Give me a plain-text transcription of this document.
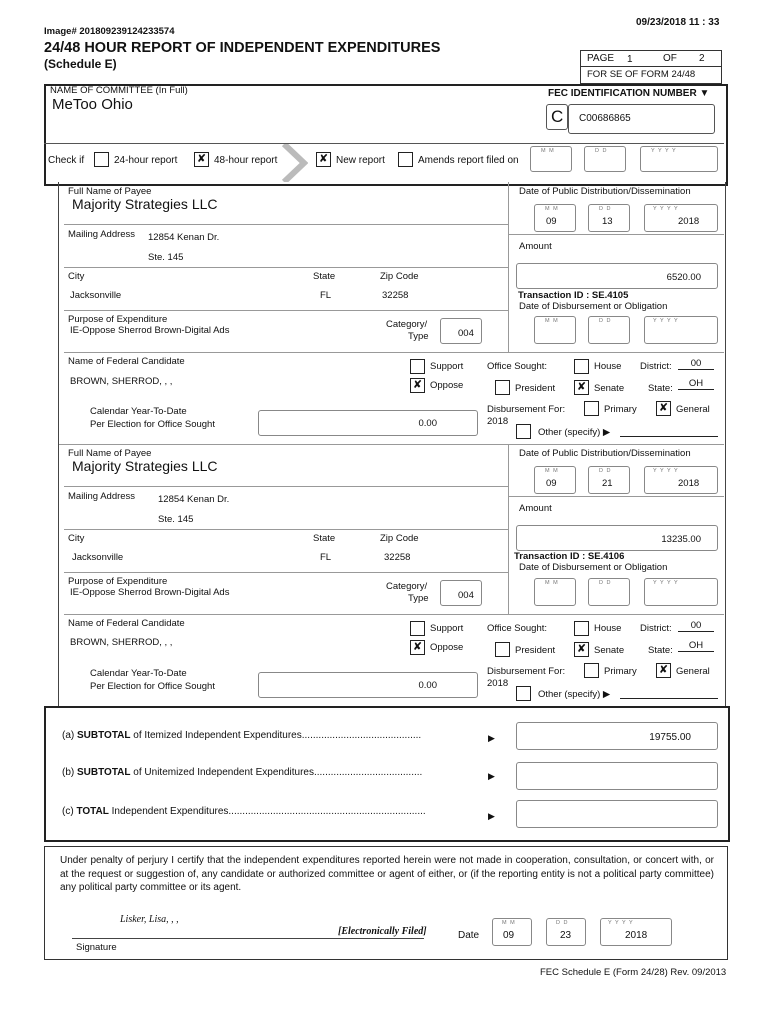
Image# 201809239124233574
09/23/2018 11 : 33
24/48 HOUR REPORT OF INDEPENDENT EXPENDITURES
(Schedule E)	PAGE 1	OF 2
FOR SE OF FORM 24/48
NAME OF COMMITTEE (In Full)
MeToo Ohio
FEC IDENTIFICATION NUMBER ▼
C C00686865
Check if	24-hour report ✘ 48-hour report	✘ New report	Amends report filed on
M M	D D	Y Y Y Y
Full Name of Payee
Majority Strategies LLC
Mailing Address 12854 Kenan Dr.
Ste. 145
City	State	Zip Code
Jacksonville	FL	32258
Purpose of Expenditure
IE-Oppose Sherrod Brown-Digital Ads
Category/
Type	004
Name of Federal Candidate
BROWN, SHERROD, , ,
Support
✘ Oppose
Office Sought:	House District:	00
President ✘ Senate	State:	OH
Calendar Year-To-Date
Per Election for Office Sought	0.00
Disbursement For:
2018
Primary ✘ General
Other (specify) ▶
Date of Public Distribution/Dissemination
M M
09
D D
13
Y Y Y Y
2018
Amount
6520.00
Transaction ID : SE.4105
Date of Disbursement or Obligation
M M	D D	Y Y Y Y
Full Name of Payee
Majority Strategies LLC
Mailing Address 12854 Kenan Dr.
Ste. 145
City	State	Zip Code
Jacksonville	FL	32258
Purpose of Expenditure
IE-Oppose Sherrod Brown-Digital Ads
Category/
Type	004
Name of Federal Candidate
BROWN, SHERROD, , ,
Support
✘ Oppose
Office Sought:	House District:	00
President ✘ Senate	State:	OH
Calendar Year-To-Date
Per Election for Office Sought	0.00
Disbursement For:
2018
Primary ✘ General
Other (specify) ▶
Date of Public Distribution/Dissemination
M M
09
D D
21
Y Y Y Y
2018
Amount
13235.00
Transaction ID : SE.4106
Date of Disbursement or Obligation
M M	D D	Y Y Y Y
(a) SUBTOTAL of Itemized Independent Expenditures...........................................	▶	19755.00
(b) SUBTOTAL of Unitemized Independent Expenditures.......................................	▶
(c) TOTAL Independent Expenditures.......................................................................	▶
Under penalty of perjury I certify that the independent expenditures reported herein were not made in cooperation, consultation, or concert with, or at the request or suggestion of, any candidate or authorized committee or agent of either, or (if the reporting entity is not a political party committee) any political party committee or its agent.
Lisker, Lisa, , ,
[Electronically Filed]
Signature
Date
M M
09
D D
23
Y Y Y Y
2018
FEC Schedule E (Form 24/28) Rev. 09/2013
